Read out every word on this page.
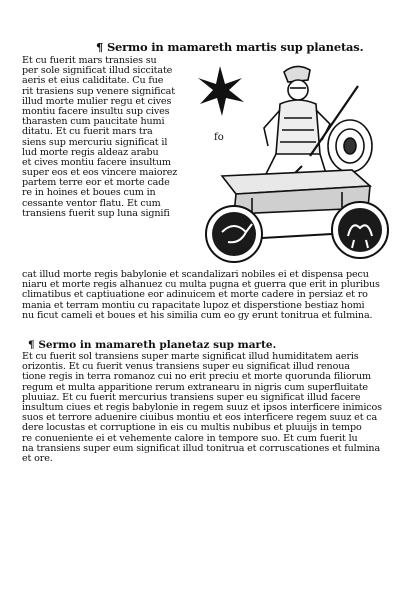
¶ Sermo in mamareth martis sup planetas.
Et cu fuerit mars transies su
per sole significat illud siccitate
aeris et eius caliditate. Cu fue
rit trasiens sup venere significat
illud morte mulier regu et cives
montiu facere insultu sup cives
tharasten cum paucitate humi
ditatu. Et cu fuerit mars tra
siens sup mercuriu significat il
lud morte regis aldeaz arabu
et cives montiu facere insultum
super eos et eos vincere maiorez
partem terre eor et morte cade
re in hoines et boues cum in
cessante ventor flatu. Et cum
transiens fuerit sup luna signifi
fo
cat illud morte regis babylonie et scandalizari nobiles ei et dispensa pecu
niaru et morte regis alhanuez cu multa pugna et guerra que erit in pluribus
climatibus et captiuatione eor adinuicem et morte cadere in persiaz et ro
mania et terram montiu cu rapacitate lupoz et disperstione bestiaz homi
nu ficut cameli et boues et his similia cum eo gy erunt tonitrua et fulmina.
¶ Sermo in mamareth planetaz sup marte.
Et cu fuerit sol transiens super marte significat illud humiditatem aeris
orizontis. Et cu fuerit venus transiens super eu significat illud renoua
tione regis in terra romanoz cui no erit preciu et morte quorunda filiorum
regum et multa apparitione rerum extranearu in nigris cum superfluitate
pluuiaz. Et cu fuerit mercurius transiens super eu significat illud facere
insultum ciues et regis babylonie in regem suuz et ipsos interficere inimicos
suos et terrore aduenire ciuibus montiu et eos interficere regem suuz et ca
dere locustas et corruptione in eis cu multis nubibus et pluuijs in tempo
re conueniente ei et vehemente calore in tempore suo. Et cum fuerit lu
na transiens super eum significat illud tonitrua et corruscationes et fulmina
et ore.
